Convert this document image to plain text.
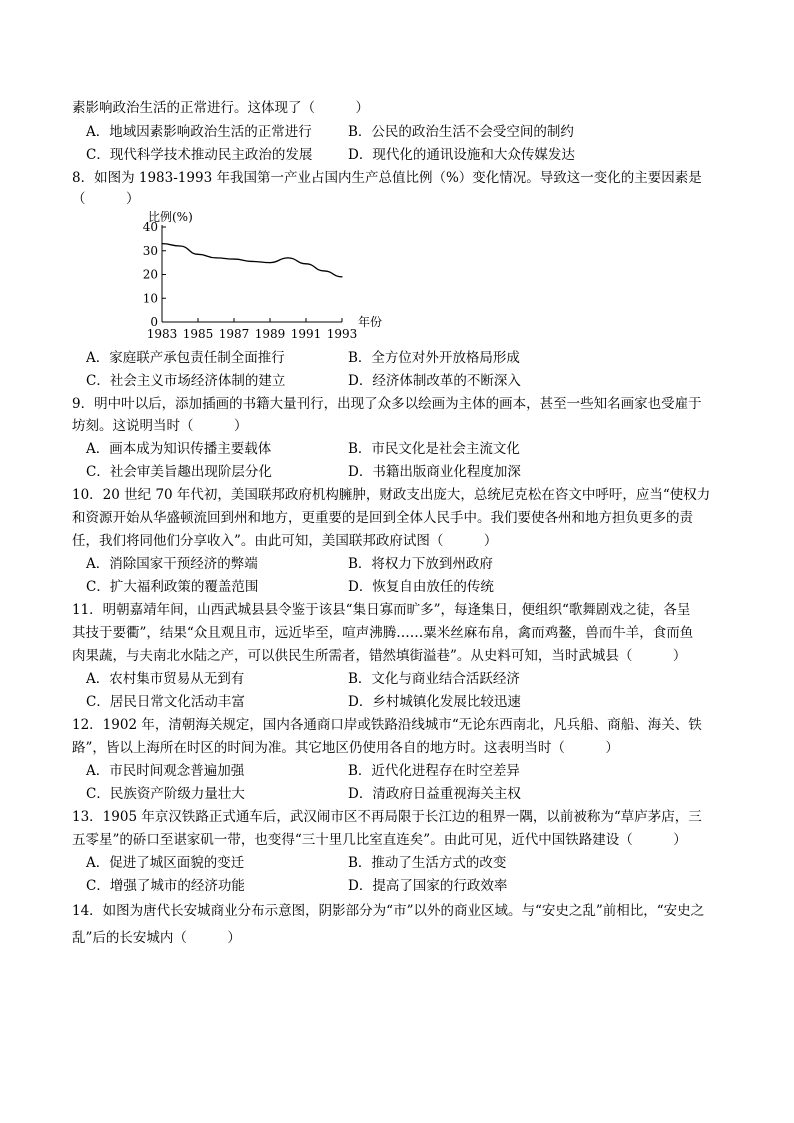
素影响政治生活的正常进行。这体现了（　　　）
A．地域因素影响政治生活的正常进行	B．公民的政治生活不会受空间的制约
C．现代科学技术推动民主政治的发展	D．现代化的通讯设施和大众传媒发达
8．如图为 1983-1993 年我国第一产业占国内生产总值比例（%）变化情况。导致这一变化的主要因素是
（　　　）
A．家庭联产承包责任制全面推行	B．全方位对外开放格局形成
C．社会主义市场经济体制的建立	D．经济体制改革的不断深入
9．明中叶以后，添加插画的书籍大量刊行，出现了众多以绘画为主体的画本，甚至一些知名画家也受雇于
坊刻。这说明当时（　　　）
A．画本成为知识传播主要载体	B．市民文化是社会主流文化
C．社会审美旨趣出现阶层分化	D．书籍出版商业化程度加深
10．20 世纪 70 年代初，美国联邦政府机构臃肿，财政支出庞大，总统尼克松在咨文中呼吁，应当“使权力
和资源开始从华盛顿流回到州和地方，更重要的是回到全体人民手中。我们要使各州和地方担负更多的责
任，我们将同他们分享收入”。由此可知，美国联邦政府试图（　　　）
A．消除国家干预经济的弊端	B．将权力下放到州政府
C．扩大福利政策的覆盖范围	D．恢复自由放任的传统
11．明朝嘉靖年间，山西武城县县令鉴于该县“集日寡而旷多”，每逢集日，便组织“歌舞剧戏之徒，各呈
其技于要衢”，结果“众且观且市，远近毕至，喧声沸腾……粟米丝麻布帛，禽而鸡鳌，兽而牛羊，食而鱼
肉果蔬，与夫南北水陆之产，可以供民生所需者，错然填街溢巷”。从史料可知，当时武城县（　　　）
A．农村集市贸易从无到有	B．文化与商业结合活跃经济
C．居民日常文化活动丰富	D．乡村城镇化发展比较迅速
12．1902 年，清朝海关规定，国内各通商口岸或铁路沿线城市“无论东西南北，凡兵船、商船、海关、铁
路”，皆以上海所在时区的时间为准。其它地区仍使用各自的地方时。这表明当时（　　　）
A．市民时间观念普遍加强	B．近代化进程存在时空差异
C．民族资产阶级力量壮大	D．清政府日益重视海关主权
13．1905 年京汉铁路正式通车后，武汉闹市区不再局限于长江边的租界一隅，以前被称为“草庐茅店，三
五零星”的硚口至谌家矶一带，也变得“三十里几比室直连矣”。由此可见，近代中国铁路建设（　　　）
A．促进了城区面貌的变迁	B．推动了生活方式的改变
C．增强了城市的经济功能	D．提高了国家的行政效率
14．如图为唐代长安城商业分布示意图，阴影部分为“市”以外的商业区域。与“安史之乱”前相比，“安史之
乱”后的长安城内（　　　）
比例(%)
0
10
20
30
40
1983 1985 1987 1989 1991 1993
年份
